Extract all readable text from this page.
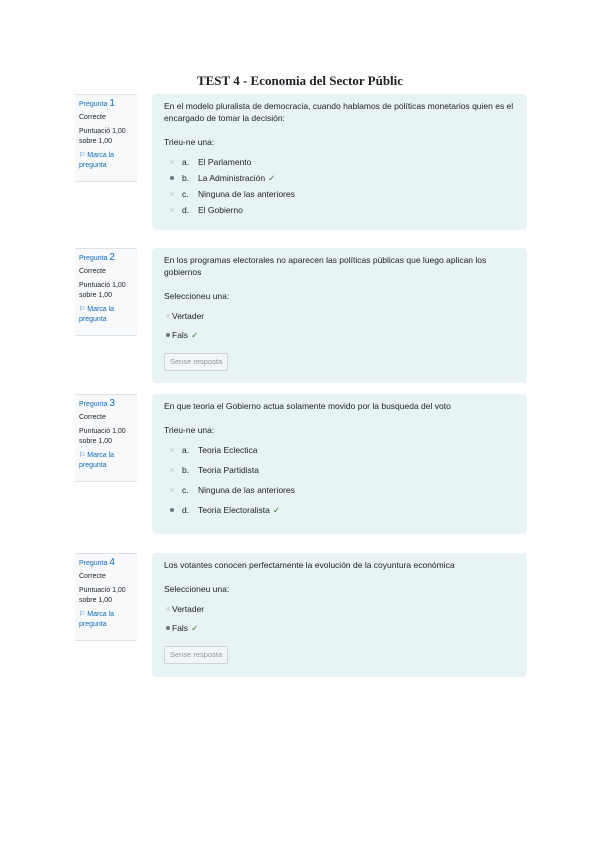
TEST 4 - Economia del Sector Públic
Pregunta 1
Correcte
Puntuació 1,00
sobre 1,00
⚐ Marca la
pregunta
En el modelo pluralista de democracia, cuando hablamos de políticas monetarios quien es el encargado de tomar la decisión:
Trieu-ne una:
a. El Parlamento
b. La Administración ✓
c. Ninguna de las anteriores
d. El Gobierno
Pregunta 2
Correcte
Puntuació 1,00
sobre 1,00
⚐ Marca la
pregunta
En los programas electorales no aparecen las políticas públicas que luego aplican los gobiernos
Seleccioneu una:
Vertader
Fals ✓
Sense resposta
Pregunta 3
Correcte
Puntuació 1,00
sobre 1,00
⚐ Marca la
pregunta
En que teoria el Gobierno actua solamente movido por la busqueda del voto
Trieu-ne una:
a. Teoria Eclectica
b. Teoria Partidista
c. Ninguna de las anteriores
d. Teoria Electoralista ✓
Pregunta 4
Correcte
Puntuació 1,00
sobre 1,00
⚐ Marca la
pregunta
Los votantes conocen perfectamente la evolución de la coyuntura económica
Seleccioneu una:
Vertader
Fals ✓
Sense resposta
